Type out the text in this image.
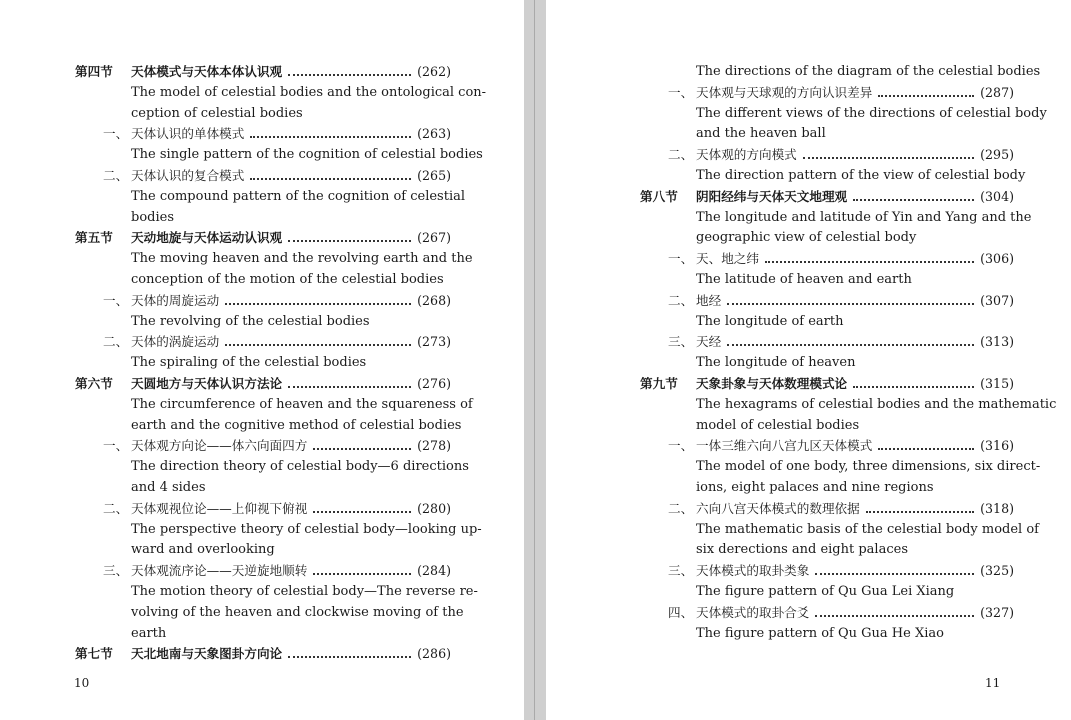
第四节 天体模式与天体本体认识观	(262)
The model of celestial bodies and the ontological con-
ception of celestial bodies
一、 天体认识的单体模式	(263)
The single pattern of the cognition of celestial bodies
二、 天体认识的复合模式	(265)
The compound pattern of the cognition of celestial
bodies
第五节 天动地旋与天体运动认识观	(267)
The moving heaven and the revolving earth and the
conception of the motion of the celestial bodies
一、 天体的周旋运动	(268)
The revolving of the celestial bodies
二、 天体的涡旋运动	(273)
The spiraling of the celestial bodies
第六节 天圆地方与天体认识方法论	(276)
The circumference of heaven and the squareness of
earth and the cognitive method of celestial bodies
一、 天体观方向论——体六向面四方	(278)
The direction theory of celestial body—6 directions
and 4 sides
二、 天体观视位论——上仰视下俯视	(280)
The perspective theory of celestial body—looking up-
ward and overlooking
三、 天体观流序论——天逆旋地顺转	(284)
The motion theory of celestial body—The reverse re-
volving of the heaven and clockwise moving of the
earth
第七节 天北地南与天象图卦方向论	(286)
10
The directions of the diagram of the celestial bodies
一、 天体观与天球观的方向认识差异	(287)
The different views of the directions of celestial body
and the heaven ball
二、 天体观的方向模式	(295)
The direction pattern of the view of celestial body
第八节 阴阳经纬与天体天文地理观	(304)
The longitude and latitude of Yin and Yang and the
geographic view of celestial body
一、 天、地之纬	(306)
The latitude of heaven and earth
二、 地经	(307)
The longitude of earth
三、 天经	(313)
The longitude of heaven
第九节 天象卦象与天体数理模式论	(315)
The hexagrams of celestial bodies and the mathematic
model of celestial bodies
一、 一体三维六向八宫九区天体模式	(316)
The model of one body, three dimensions, six direct-
ions, eight palaces and nine regions
二、 六向八宫天体模式的数理依据	(318)
The mathematic basis of the celestial body model of
six derections and eight palaces
三、 天体模式的取卦类象	(325)
The figure pattern of Qu Gua Lei Xiang
四、 天体模式的取卦合爻	(327)
The figure pattern of Qu Gua He Xiao
11
